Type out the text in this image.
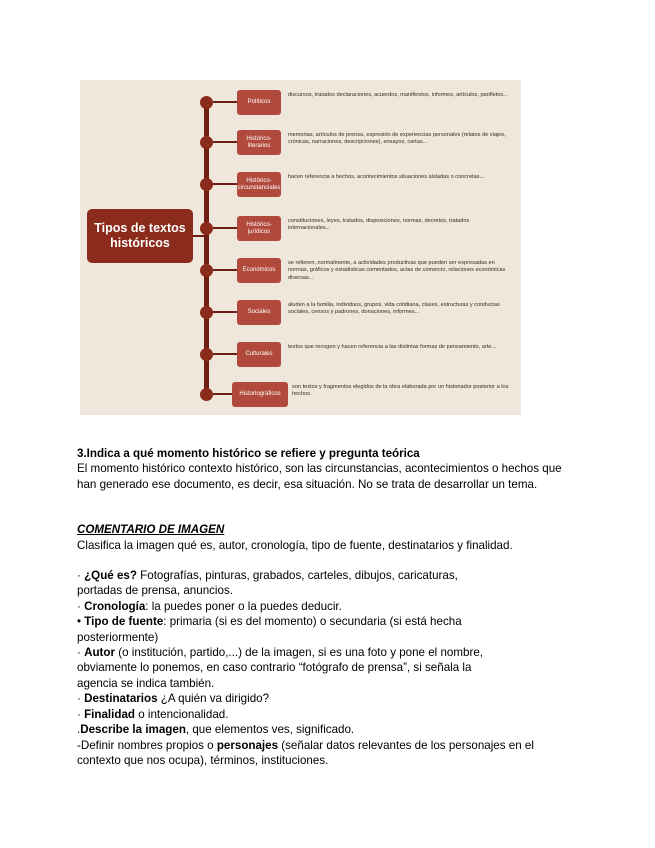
Tipos de textos históricos
Políticos
discursos, tratados declaraciones, acuerdos, manifiestos, informes, artículos, panfletos...
Histórico-literarios
memorias, artículos de prensa, expresión de experiencias personales (relatos de viajes, crónicas, narraciones, descripciones), ensayos, cartas...
Histórico-circunstanciales
hacen referencia a hechos, acontecimientos situaciones aisladas o concretas...
Histórico-jurídicos
constituciones, leyes, tratados, disposiciones, normas, decretos, tratados internacionales...
Económicos
se refieren, normalmente, a actividades productivas que pueden ser expresadas en normas, gráficos y estadísticas comentados, actas de comercio, relaciones económicas diversas...
Sociales
aluden a la familia, individuos, grupos, vida cotidiana, clases, estructuras y conductas sociales, censos y padrones, donaciones, informes...
Culturales
textos que recogen y hacen referencia a las distintas formas de pensamiento, arte...
Historiográficos
son textos y fragmentos elegidos de la obra elaborada por un historiador posterior a los hechos.

3.Indica a qué momento histórico se refiere y pregunta teórica

El momento histórico contexto histórico, son las circunstancias, acontecimientos o hechos que

han generado ese documento, es decir, esa situación. No se trata de desarrollar un tema.

COMENTARIO DE IMAGEN

Clasifica la imagen qué es, autor, cronología, tipo de fuente, destinatarios y finalidad.

· ¿Qué es? Fotografías, pinturas, grabados, carteles, dibujos, caricaturas,

portadas de prensa, anuncios.

· Cronología: la puedes poner o la puedes deducir.

• Tipo de fuente: primaria (si es del momento) o secundaria (si está hecha

posteriormente)

· Autor (o institución, partido,...) de la imagen, si es una foto y pone el nombre,

obviamente lo ponemos, en caso contrario “fotógrafo de prensa”, si señala la

agencia se indica también.

· Destinatarios ¿A quién va dirigido?

· Finalidad o intencionalidad.

.Describe la imagen, que elementos ves, significado.

-Definir nombres propios o personajes (señalar datos relevantes de los personajes en el

contexto que nos ocupa), términos, instituciones.
